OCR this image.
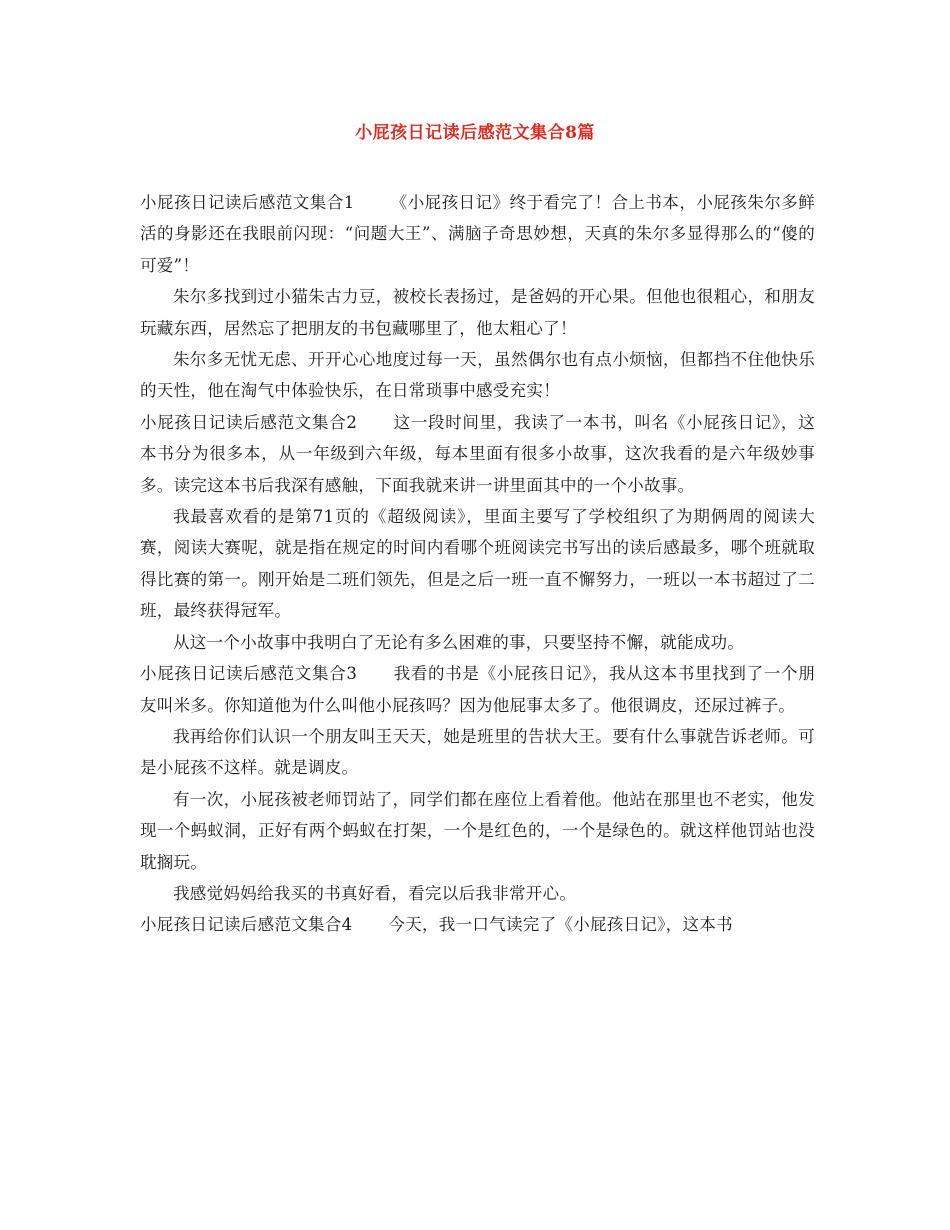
小屁孩日记读后感范文集合8篇

小屁孩日记读后感范文集合1 《小屁孩日记》终于看完了！合上书本，小屁孩朱尔多鲜活的身影还在我眼前闪现：“问题大王”、满脑子奇思妙想，天真的朱尔多显得那么的“傻的可爱”！

朱尔多找到过小猫朱古力豆，被校长表扬过，是爸妈的开心果。但他也很粗心，和朋友玩藏东西，居然忘了把朋友的书包藏哪里了，他太粗心了！

朱尔多无忧无虑、开开心心地度过每一天，虽然偶尔也有点小烦恼，但都挡不住他快乐的天性，他在淘气中体验快乐，在日常琐事中感受充实！

小屁孩日记读后感范文集合2 这一段时间里，我读了一本书，叫名《小屁孩日记》，这本书分为很多本，从一年级到六年级，每本里面有很多小故事，这次我看的是六年级妙事多。读完这本书后我深有感触，下面我就来讲一讲里面其中的一个小故事。

我最喜欢看的是第71页的《超级阅读》，里面主要写了学校组织了为期俩周的阅读大赛，阅读大赛呢，就是指在规定的时间内看哪个班阅读完书写出的读后感最多，哪个班就取得比赛的第一。刚开始是二班们领先，但是之后一班一直不懈努力，一班以一本书超过了二班，最终获得冠军。

从这一个小故事中我明白了无论有多么困难的事，只要坚持不懈，就能成功。

小屁孩日记读后感范文集合3 我看的书是《小屁孩日记》，我从这本书里找到了一个朋友叫米多。你知道他为什么叫他小屁孩吗？因为他屁事太多了。他很调皮，还尿过裤子。

我再给你们认识一个朋友叫王天天，她是班里的告状大王。要有什么事就告诉老师。可是小屁孩不这样。就是调皮。

有一次，小屁孩被老师罚站了，同学们都在座位上看着他。他站在那里也不老实，他发现一个蚂蚁洞，正好有两个蚂蚁在打架，一个是红色的，一个是绿色的。就这样他罚站也没耽搁玩。

我感觉妈妈给我买的书真好看，看完以后我非常开心。

小屁孩日记读后感范文集合4 今天，我一口气读完了《小屁孩日记》，这本书
